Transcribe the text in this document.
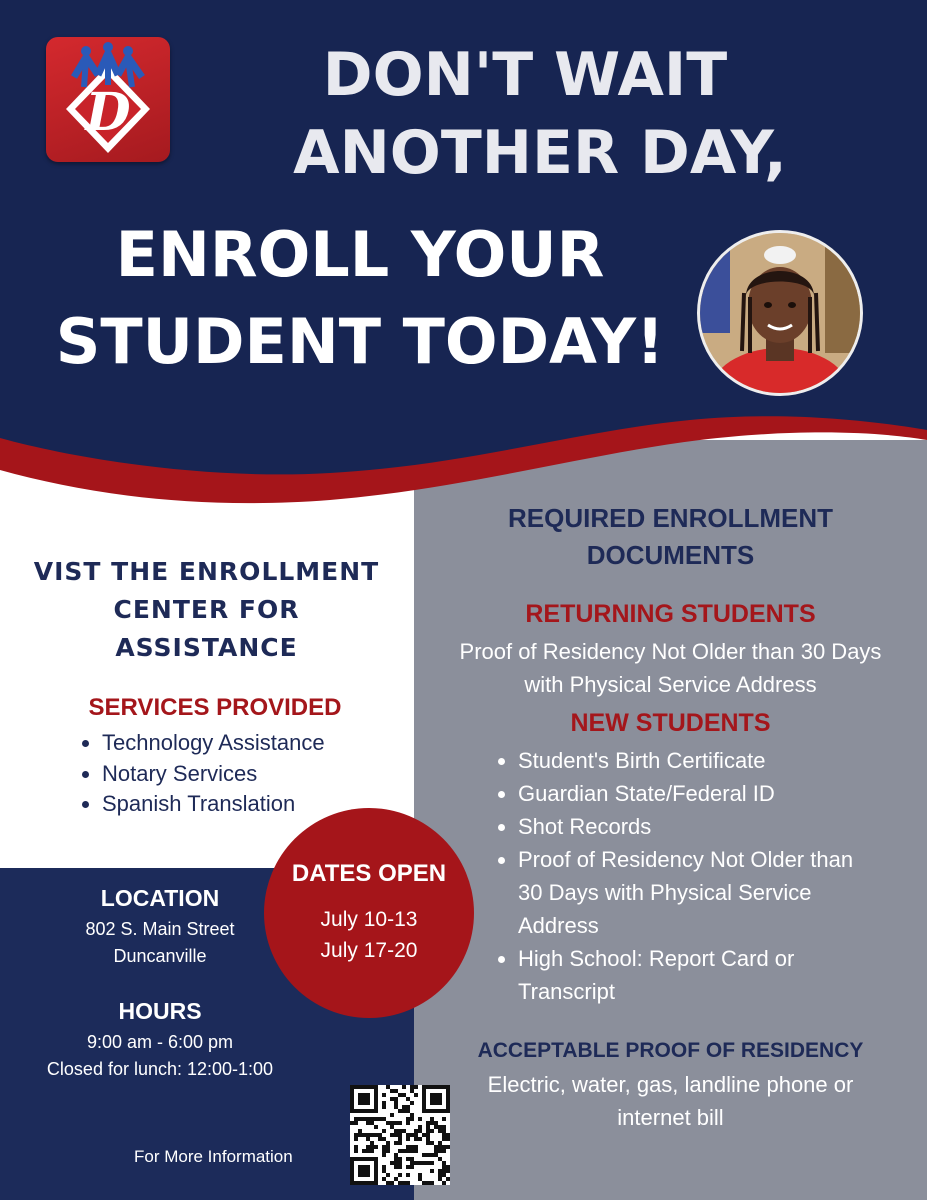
D
DON'T WAIT
ANOTHER DAY,
ENROLL YOUR
STUDENT TODAY!
VIST THE ENROLLMENT
CENTER FOR
ASSISTANCE
SERVICES PROVIDED
• Technology Assistance
• Notary Services
• Spanish Translation
LOCATION
802 S. Main Street
Duncanville
HOURS
9:00 am - 6:00 pm
Closed for lunch: 12:00-1:00
For More Information
DATES OPEN
July 10-13
July 17-20
REQUIRED ENROLLMENT
DOCUMENTS
RETURNING STUDENTS
Proof of Residency Not Older than 30 Days
with Physical Service Address
NEW STUDENTS
• Student's Birth Certificate
• Guardian State/Federal ID
• Shot Records
• Proof of Residency Not Older than 30 Days with Physical Service Address
• High School: Report Card or Transcript
ACCEPTABLE PROOF OF RESIDENCY
Electric, water, gas, landline phone or
internet bill
